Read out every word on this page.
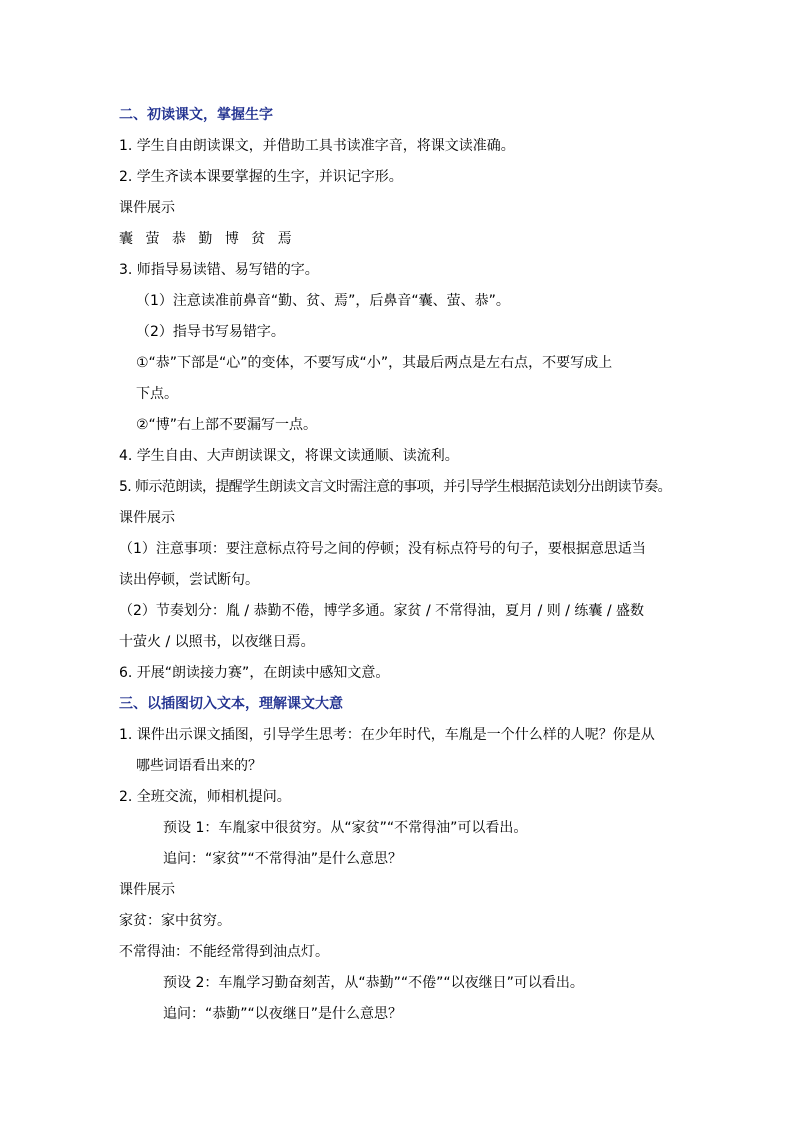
二、初读课文，掌握生字
1. 学生自由朗读课文，并借助工具书读准字音，将课文读准确。
2. 学生齐读本课要掌握的生字，并识记字形。
课件展示
囊 萤 恭 勤 博 贫 焉
3. 师指导易读错、易写错的字。
（1）注意读准前鼻音“勤、贫、焉”，后鼻音“囊、萤、恭”。
（2）指导书写易错字。
①“恭”下部是“心”的变体，不要写成“小”，其最后两点是左右点，不要写成上
下点。
②“博”右上部不要漏写一点。
4. 学生自由、大声朗读课文，将课文读通顺、读流利。
5. 师示范朗读，提醒学生朗读文言文时需注意的事项，并引导学生根据范读划分出朗读节奏。
课件展示
（1）注意事项：要注意标点符号之间的停顿；没有标点符号的句子，要根据意思适当
读出停顿，尝试断句。
（2）节奏划分：胤 / 恭勤不倦，博学多通。家贫 / 不常得油，夏月 / 则 / 练囊 / 盛数
十萤火 / 以照书，以夜继日焉。
6. 开展“朗读接力赛”，在朗读中感知文意。
三、以插图切入文本，理解课文大意
1. 课件出示课文插图，引导学生思考：在少年时代，车胤是一个什么样的人呢？你是从
哪些词语看出来的？
2. 全班交流，师相机提问。
预设 1：车胤家中很贫穷。从“家贫”“不常得油”可以看出。
追问：“家贫”“不常得油”是什么意思？
课件展示
家贫：家中贫穷。
不常得油：不能经常得到油点灯。
预设 2：车胤学习勤奋刻苦，从“恭勤”“不倦”“以夜继日”可以看出。
追问：“恭勤”“以夜继日”是什么意思？
